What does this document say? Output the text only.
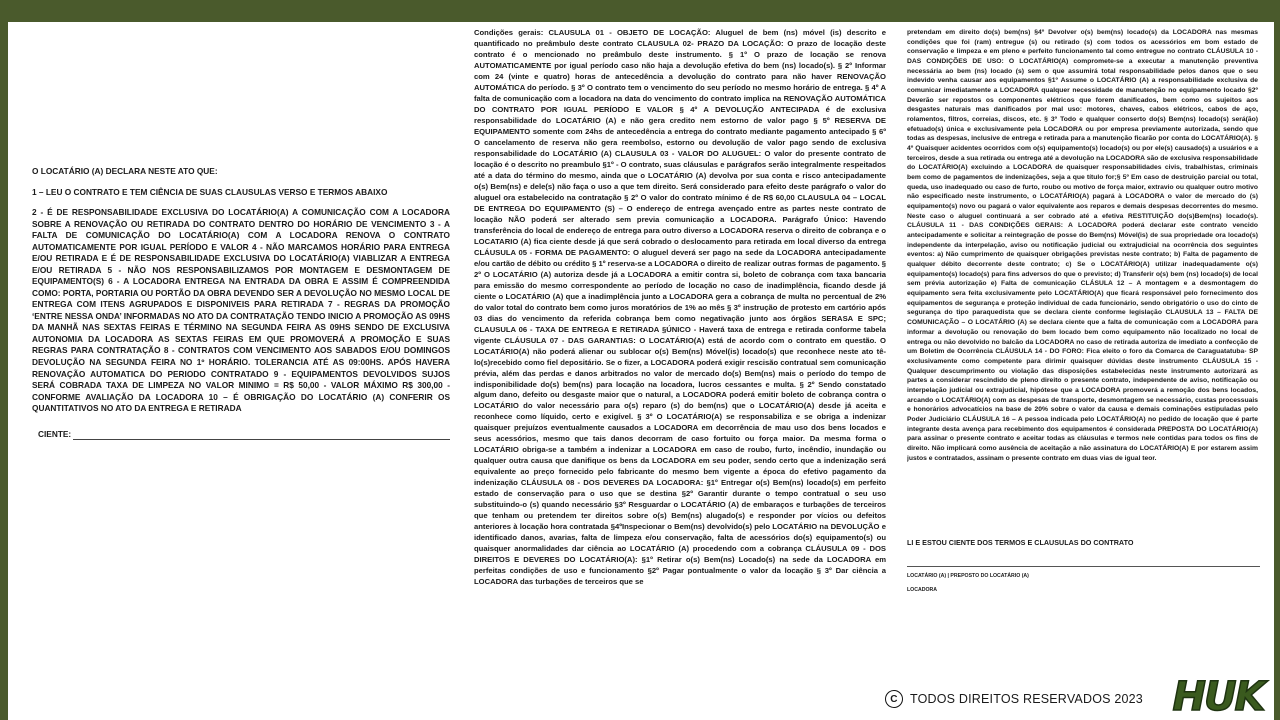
O LOCATÁRIO (A) DECLARA NESTE ATO QUE:

1 – LEU O CONTRATO E TEM CIÊNCIA DE SUAS CLAUSULAS VERSO E TERMOS ABAIXO

2 - É DE RESPONSABILIDADE EXCLUSIVA DO LOCATÁRIO(A) A COMUNICAÇÃO COM A LOCADORA SOBRE A RENOVAÇÃO OU RETIRADA DO CONTRATO DENTRO DO HORÁRIO DE VENCIMENTO 3 - A FALTA DE COMUNICAÇÃO DO LOCATÁRIO(A) COM A LOCADORA RENOVA O CONTRATO AUTOMATICAMENTE POR IGUAL PERÍODO E VALOR 4 - NÃO MARCAMOS HORÁRIO PARA ENTREGA E/OU RETIRADA E É DE RESPONSABILIDADE EXCLUSIVA DO LOCATÁRIO(A) VIABLIZAR A ENTREGA E/OU RETIRADA 5 - NÃO NOS RESPONSABILIZAMOS POR MONTAGEM E DESMONTAGEM DE EQUIPAMENTO(S) 6 - A LOCADORA ENTREGA NA ENTRADA DA OBRA E ASSIM É COMPREENDIDA COMO: PORTA, PORTARIA OU PORTÃO DA OBRA DEVENDO SER A DEVOLUÇÃO NO MESMO LOCAL DE ENTREGA COM ITENS AGRUPADOS E DISPONIVEIS PARA RETIRADA 7 - REGRAS DA PROMOÇÃO ‘ENTRE NESSA ONDA’ INFORMADAS NO ATO DA CONTRATAÇÃO TENDO INICIO A PROMOÇÃO AS 09HS DA MANHÃ NAS SEXTAS FEIRAS E TÉRMINO NA SEGUNDA FEIRA AS 09HS SENDO DE EXCLUSIVA AUTONOMIA DA LOCADORA AS SEXTAS FEIRAS EM QUE PROMOVERÁ A PROMOÇÃO E SUAS REGRAS PARA CONTRATAÇÃO 8 - CONTRATOS COM VENCIMENTO AOS SABADOS E/OU DOMINGOS DEVOLUÇÃO NA SEGUNDA FEIRA NO 1º HORÁRIO. TOLERANCIA ATÉ AS 09:00HS. APÓS HAVERA RENOVAÇÃO AUTOMATICA DO PERIODO CONTRATADO 9 - EQUIPAMENTOS DEVOLVIDOS SUJOS SERÁ COBRADA TAXA DE LIMPEZA NO VALOR MINIMO = R$ 50,00 - VALOR MÁXIMO R$ 300,00 - CONFORME AVALIAÇÃO DA LOCADORA 10 – É OBRIGAÇÃO DO LOCATÁRIO (A) CONFERIR OS QUANTITATIVOS NO ATO DA ENTREGA E RETIRADA

CIENTE:
Condições gerais: CLAUSULA 01 - OBJETO DE LOCAÇÃO: Aluguel de bem (ns) móvel (is) descrito e quantificado no preâmbulo deste contrato CLAUSULA 02- PRAZO DA LOCAÇÃO: O prazo de locação deste contrato é o mencionado no preâmbulo deste instrumento. § 1º O prazo de locação se renova AUTOMATICAMENTE por igual período caso não haja a devolução efetiva do bem (ns) locado(s). § 2º Informar com 24 (vinte e quatro) horas de antecedência a devolução do contrato para não haver RENOVAÇÃO AUTOMÁTICA do período. § 3º O contrato tem o vencimento do seu período no mesmo horário de entrega. § 4º A falta de comunicação com a locadora na data do vencimento do contrato implica na RENOVAÇÃO AUTOMÁTICA DO CONTRATO POR IGUAL PERÍODO E VALOR § 4º A DEVOLUÇÃO ANTECIPADA é de exclusiva responsabilidade do LOCATÁRIO (A) e não gera credito nem estorno de valor pago § 5º RESERVA DE EQUIPAMENTO somente com 24hs de antecedência a entrega do contrato mediante pagamento antecipado § 6º O cancelamento de reserva não gera reembolso, estorno ou devolução de valor pago sendo de exclusiva responsabilidade do LOCATÁRIO (A) CLAUSULA 03 - VALOR DO ALUGUEL: O valor do presente contrato de locação é o descrito no preambulo §1º - O contrato, suas cláusulas e parágrafos serão integralmente respeitados até a data do término do mesmo, ainda que o LOCATÁRIO (A) devolva por sua conta e risco antecipadamente o(s) Bem(ns) e dele(s) não faça o uso a que tem direito. Será considerado para efeito deste parágrafo o valor do aluguel ora estabelecido na contratação § 2º O valor do contrato mínimo é de R$ 60,00 CLAUSULA 04 – LOCAL DE ENTREGA DO EQUIPAMENTO (S) – O endereço de entrega avençado entre as partes neste contrato de locação NÃO poderá ser alterado sem previa comunicação a LOCADORA. Parágrafo Único: Havendo transferência do local de endereço de entrega para outro diverso a LOCADORA reserva o direito de cobrança e o LOCATARIO (A) fica ciente desde já que será cobrado o deslocamento para retirada em local diverso da entrega CLÁUSULA 05 - FORMA DE PAGAMENTO: O aluguel deverá ser pago na sede da LOCADORA antecipadamente e/ou cartão de débito ou crédito § 1º reserva-se a LOCADORA o direito de realizar outras formas de pagamento. § 2º O LOCATÁRIO (A) autoriza desde já a LOCADORA a emitir contra si, boleto de cobrança com taxa bancaria para emissão do mesmo correspondente ao período de locação no caso de inadimplência, ficando desde já ciente o LOCATÁRIO (A) que a inadimplência junto a LOCADORA gera a cobrança de multa no percentual de 2% do valor total do contrato bem como juros moratórios de 1% ao mês § 3º instrução de protesto em cartório após 03 dias do vencimento da referida cobrança bem como negativação junto aos órgãos SERASA E SPC; CLAUSULA 06 - TAXA DE ENTREGA E RETIRADA §ÚNICO - Haverá taxa de entrega e retirada conforme tabela vigente CLÁUSULA 07 - DAS GARANTIAS: O LOCATÁRIO(A) está de acordo com o contrato em questão. O LOCATÁRIO(A) não poderá alienar ou sublocar o(s) Bem(ns) Móvel(is) locado(s) que reconhece neste ato tê-lo(s)recebido como fiel depositário. Se o fizer, a LOCADORA poderá exigir rescisão contratual sem comunicação prévia, além das perdas e danos arbitrados no valor de mercado do(s) Bem(ns) mais o período do tempo de indisponibilidade do(s) bem(ns) para locação na locadora, lucros cessantes e multa. § 2º Sendo constatado algum dano, defeito ou desgaste maior que o natural, a LOCADORA poderá emitir boleto de cobrança contra o LOCATÁRIO do valor necessário para o(s) reparo (s) do bem(ns) que o LOCATÁRIO(A) desde já aceita e reconhece como líquido, certo e exigível. § 3º O LOCATÁRIO(A) se responsabiliza e se obriga a indenizar quaisquer prejuízos eventualmente causados a LOCADORA em decorrência de mau uso dos bens locados e seus acessórios, mesmo que tais danos decorram de caso fortuito ou força maior. Da mesma forma o LOCATÁRIO obriga-se a também a indenizar a LOCADORA em caso de roubo, furto, incêndio, inundação ou qualquer outra causa que danifique os bens da LOCADORA em seu poder, sendo certo que a indenização será equivalente ao preço fornecido pelo fabricante do mesmo bem vigente a época do efetivo pagamento da indenização CLÁUSULA 08 - DOS DEVERES DA LOCADORA: §1º Entregar o(s) Bem(ns) locado(s) em perfeito estado de conservação para o uso que se destina §2º Garantir durante o tempo contratual o seu uso substituindo-o (s) quando necessário §3º Resguardar o LOCATÁRIO (A) de embaraços e turbações de terceiros que tenham ou pretendem ter direitos sobre o(s) Bem(ns) alugado(s) e responder por vícios ou defeitos anteriores à locação hora contratada §4ºInspecionar o Bem(ns) devolvido(s) pelo LOCATÁRIO na DEVOLUÇÃO e identificado danos, avarias, falta de limpeza e/ou conservação, falta de acessórios do(s) equipamento(s) ou quaisquer anormalidades dar ciência ao LOCATÁRIO (A) procedendo com a cobrança CLÁUSULA 09 - DOS DIREITOS E DEVERES DO LOCATÁRIO(A): §1º Retirar o(s) Bem(ns) Locado(s) na sede da LOCADORA em perfeitas condições de uso e funcionamento §2º Pagar pontualmente o valor da locação § 3º Dar ciência a LOCADORA das turbações de terceiros que se
pretendam em direito do(s) bem(ns) §4º Devolver o(s) bem(ns) locado(s) da LOCADORA nas mesmas condições que foi (ram) entregue (s) ou retirado (s) com todos os acessórios em bom estado de conservação e limpeza e em pleno e perfeito funcionamento tal como entregue no contrato CLÁUSULA 10 - DAS CONDIÇÕES DE USO: O LOCATÁRIO(A) compromete-se a executar a manutenção preventiva necessária ao bem (ns) locado (s) sem o que assumirá total responsabilidade pelos danos que o seu indevido venha causar aos equipamentos §1º Assume o LOCATÁRIO (A) a responsabilidade exclusiva de comunicar imediatamente a LOCADORA qualquer necessidade de manutenção no equipamento locado §2º Deverão ser repostos os componentes elétricos que forem danificados, bem como os sujeitos aos desgastes naturais mas danificados por mal uso: motores, chaves, cabos elétricos, cabos de aço, rolamentos, filtros, correias, discos, etc. § 3º Todo e qualquer conserto do(s) Bem(ns) locado(s) será(ão) efetuado(s) única e exclusivamente pela LOCADORA ou por empresa previamente autorizada, sendo que todas as despesas, inclusive de entrega e retirada para a manutenção ficarão por conta do LOCATÁRIO(A). § 4º Quaisquer acidentes ocorridos com o(s) equipamento(s) locado(s) ou por ele(s) causado(s) a usuários e a terceiros, desde a sua retirada ou entrega até a devolução na LOCADORA são de exclusiva responsabilidade do LOCATÁRIO(A) excluindo a LOCADORA de quaisquer responsabilidades civis, trabalhistas, criminais bem como de pagamentos de indenizações, seja a que título for;§ 5º Em caso de destruição parcial ou total, queda, uso inadequado ou caso de furto, roubo ou motivo de força maior, extravio ou qualquer outro motivo não especificado neste instrumento, o LOCATÁRIO(A) pagará à LOCADORA o valor de mercado do (s) equipamento(s) novo ou pagará o valor equivalente aos reparos e demais despesas decorrentes do mesmo. Neste caso o aluguel continuará a ser cobrado até a efetiva RESTITUIÇÃO do(s)Bem(ns) locado(s). CLÁUSULA 11 - DAS CONDIÇÕES GERAIS: A LOCADORA poderá declarar este contrato vencido antecipadamente e solicitar a reintegração de posse do Bem(ns) Móvel(is) de sua propriedade ora locado(s) independente da interpelação, aviso ou notificação judicial ou extrajudicial na ocorrência dos seguintes eventos: a) Não cumprimento de quaisquer obrigações previstas neste contrato; b) Falta de pagamento de qualquer débito decorrente deste contrato; c) Se o LOCATÁRIO(A) utilizar inadequadamente o(s) equipamento(s) locado(s) para fins adversos do que o previsto; d) Transferir o(s) bem (ns) locado(s) de local sem prévia autorização e) Falta de comunicação CLÁSULA 12 – A montagem e a desmontagem do equipamento sera feita exclusivamente pelo LOCATÁRIO(A) que ficará responsável pelo fornecimento dos equipamentos de segurança e proteção individual de cada funcionário, sendo obrigatório o uso do cinto de segurança do tipo paraquedista que se declara ciente conforme legislação CLAUSULA 13 – FALTA DE COMUNICAÇÃO – O LOCATÁRIO (A) se declara ciente que a falta de comunicação com a LOCADORA para informar a devolução ou renovação do bem locado bem como equipamento não localizado no local de entrega ou não devolvido no balcão da LOCADORA no caso de retirada autoriza de imediato a confecção de um Boletim de Ocorrência CLÁUSULA 14 - DO FORO: Fica eleito o foro da Comarca de Caraguatatuba- SP exclusivamente como competente para dirimir quaisquer dúvidas deste instrumento CLÁUSULA 15 - Qualquer descumprimento ou violação das disposições estabelecidas neste instrumento autorizará as partes a considerar rescindido de pleno direito o presente contrato, independente de aviso, notificação ou interpelação judicial ou extrajudicial, hipótese que a LOCADORA promoverá a remoção dos bens locados, arcando o LOCATÁRIO(A) com as despesas de transporte, desmontagem se necessário, custas processuais e honorários advocatícios na base de 20% sobre o valor da causa e demais cominações estipuladas pelo Poder Judiciário CLÁUSULA 16 – A pessoa indicada pelo LOCATÁRIO(A) no pedido de locação que é parte integrante desta avença para recebimento dos equipamentos é considerada PREPOSTA DO LOCATÁRIO(A) para assinar o presente contrato e aceitar todas as cláusulas e termos nele contidas para todos os fins de direito. Não implicará como ausência de aceitação a não assinatura do LOCATÁRIO(A) E por estarem assim justos e contratados, assinam o presente contrato em duas vias de igual teor.
LI E ESTOU CIENTE DOS TERMOS E CLAUSULAS DO CONTRATO
LOCATÁRIO (A) | PREPOSTO DO LOCATÁRIO (A)
LOCADORA
C TODOS DIREITOS RESERVADOS 2023 HUK
